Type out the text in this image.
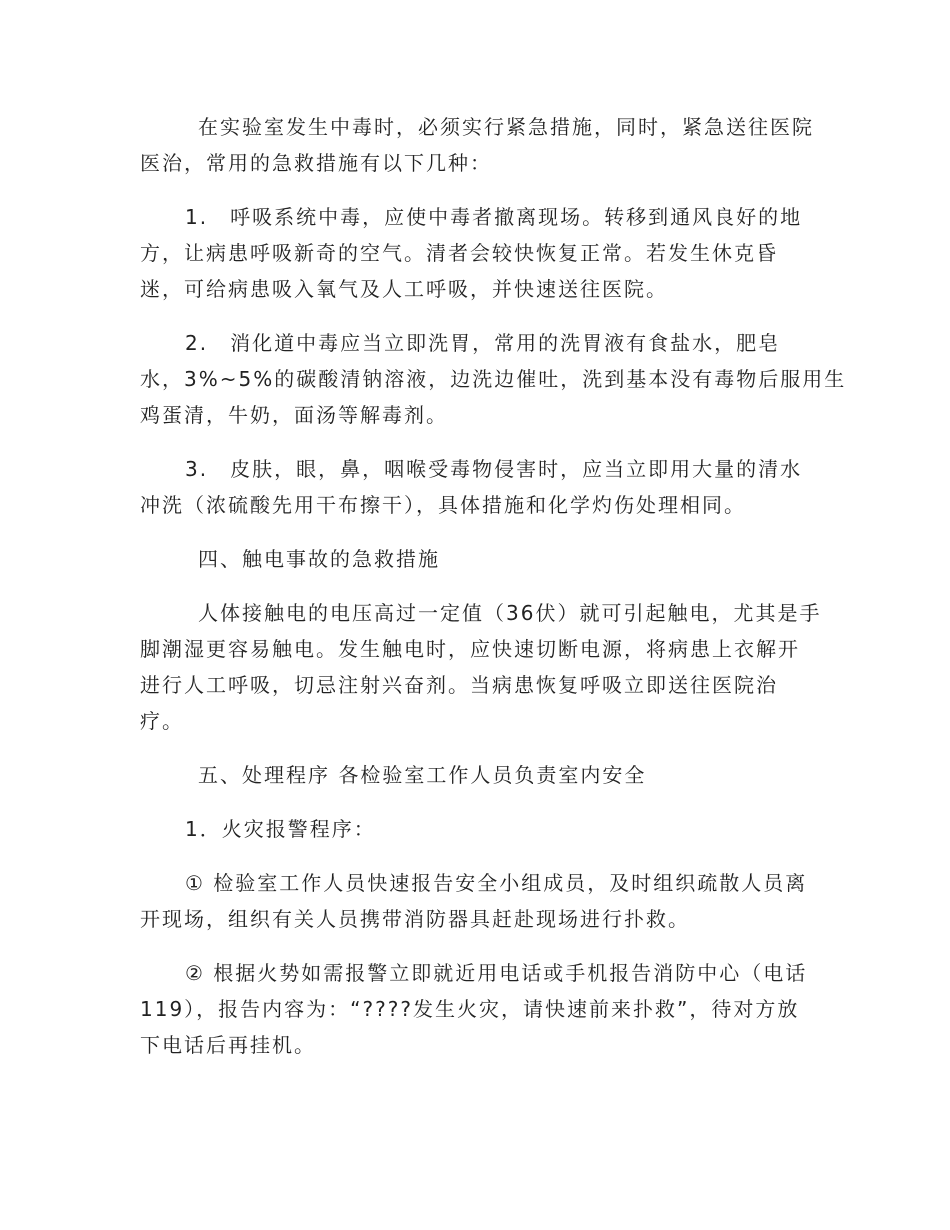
在实验室发生中毒时，必须实行紧急措施，同时，紧急送往医院
医治，常用的急救措施有以下几种：
1.　呼吸系统中毒，应使中毒者撤离现场。转移到通风良好的地
方，让病患呼吸新奇的空气。清者会较快恢复正常。若发生休克昏
迷，可给病患吸入氧气及人工呼吸，并快速送往医院。
2.　消化道中毒应当立即洗胃，常用的洗胃液有食盐水，肥皂
水，3%~5%的碳酸清钠溶液，边洗边催吐，洗到基本没有毒物后服用生
鸡蛋清，牛奶，面汤等解毒剂。
3.　皮肤，眼，鼻，咽喉受毒物侵害时，应当立即用大量的清水
冲洗（浓硫酸先用干布擦干），具体措施和化学灼伤处理相同。
四、触电事故的急救措施
人体接触电的电压高过一定值（36伏）就可引起触电，尤其是手
脚潮湿更容易触电。发生触电时，应快速切断电源，将病患上衣解开
进行人工呼吸，切忌注射兴奋剂。当病患恢复呼吸立即送往医院治
疗。
五、处理程序 各检验室工作人员负责室内安全
1．火灾报警程序：
① 检验室工作人员快速报告安全小组成员，及时组织疏散人员离
开现场，组织有关人员携带消防器具赶赴现场进行扑救。
② 根据火势如需报警立即就近用电话或手机报告消防中心（电话
119），报告内容为：“????发生火灾，请快速前来扑救”，待对方放
下电话后再挂机。
